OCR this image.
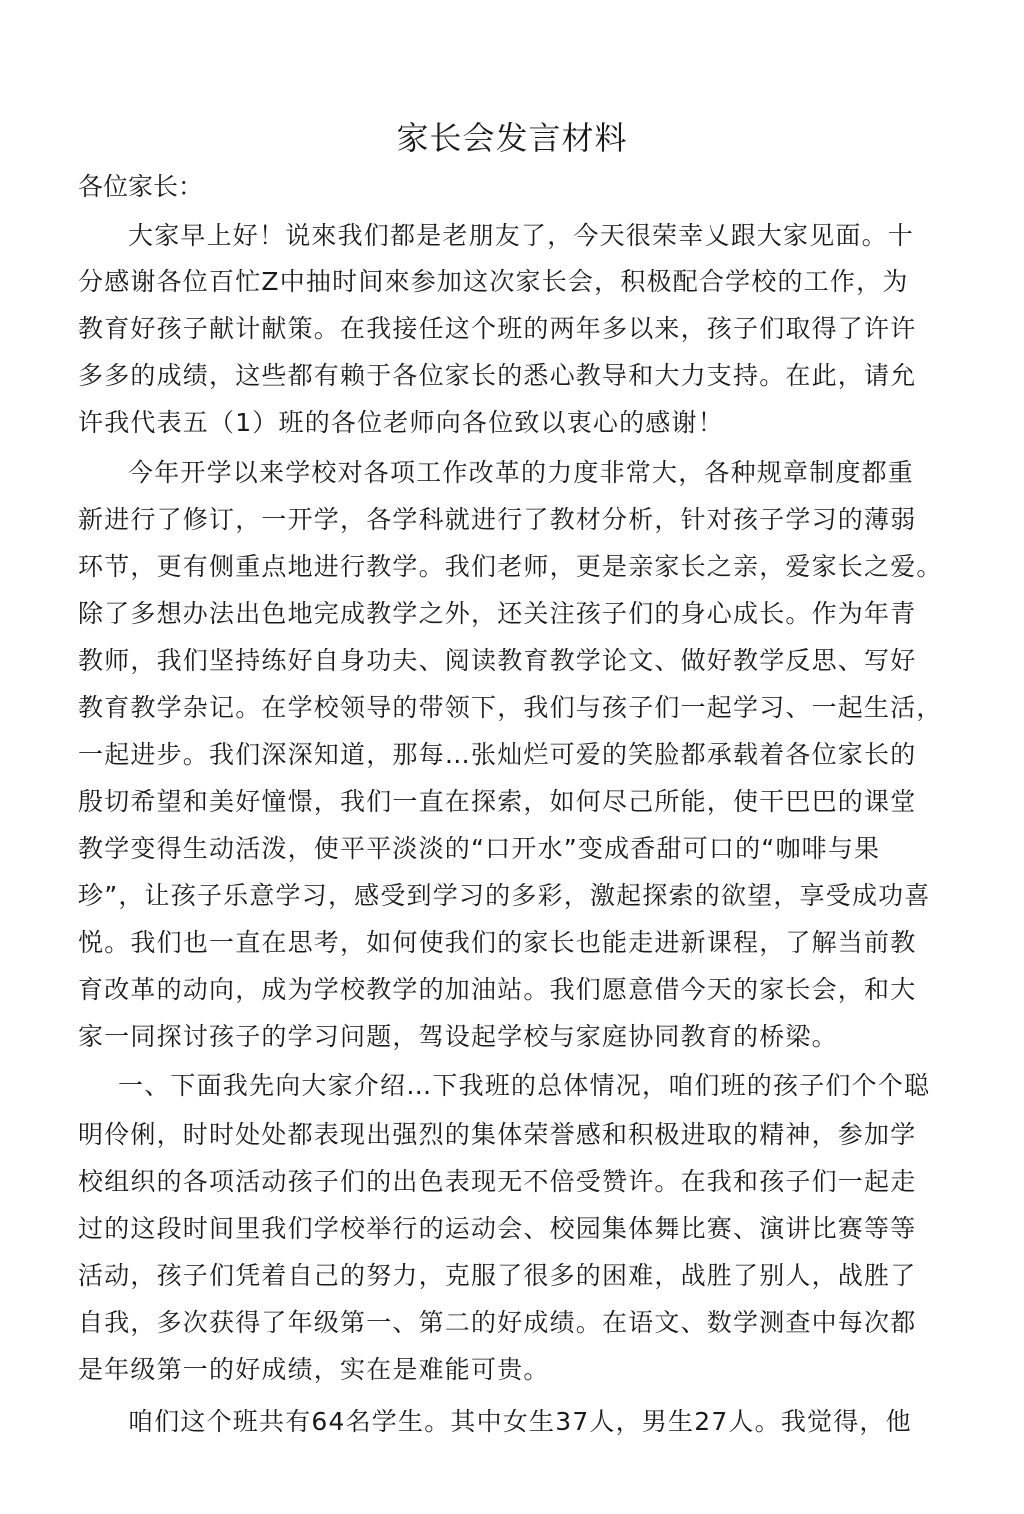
家长会发言材料

各位家长：

大家早上好！说來我们都是老朋友了，今天很荣幸乂跟大家见面。十
分感谢各位百忙Z中抽时间來参加这次家长会，积极配合学校的工作，为
教育好孩子献计献策。在我接任这个班的两年多以来，孩子们取得了许许
多多的成绩，这些都有赖于各位家长的悉心教导和大力支持。在此，请允
许我代表五（1）班的各位老师向各位致以衷心的感谢！
今年开学以来学校对各项工作改革的力度非常大，各种规章制度都重
新进行了修订，一开学，各学科就进行了教材分析，针对孩子学习的薄弱
环节，更有侧重点地进行教学。我们老师，更是亲家长之亲，爱家长之爱。
除了多想办法出色地完成教学之外，还关注孩子们的身心成长。作为年青
教师，我们坚持练好自身功夫、阅读教育教学论文、做好教学反思、写好
教育教学杂记。在学校领导的带领下，我们与孩子们一起学习、一起生活，
一起进步。我们深深知道，那每…张灿烂可爱的笑脸都承载着各位家长的
殷切希望和美好憧憬，我们一直在探索，如何尽己所能，使干巴巴的课堂
教学变得生动活泼，使平平淡淡的“口开水”变成香甜可口的“咖啡与果
珍”，让孩子乐意学习，感受到学习的多彩，激起探索的欲望，享受成功喜
悦。我们也一直在思考，如何使我们的家长也能走进新课程，了解当前教
育改革的动向，成为学校教学的加油站。我们愿意借今天的家长会，和大
家一同探讨孩子的学习问题，驾设起学校与家庭协同教育的桥梁。
一、下面我先向大家介绍…下我班的总体情况，咱们班的孩子们个个聪
明伶俐，时时处处都表现出强烈的集体荣誉感和积极进取的精神，参加学
校组织的各项活动孩子们的出色表现无不倍受赞许。在我和孩子们一起走
过的这段时间里我们学校举行的运动会、校园集体舞比赛、演讲比赛等等
活动，孩子们凭着自己的努力，克服了很多的困难，战胜了别人，战胜了
自我，多次获得了年级第一、第二的好成绩。在语文、数学测查中每次都
是年级第一的好成绩，实在是难能可贵。
咱们这个班共有64名学生。其中女生37人，男生27人。我觉得，他
